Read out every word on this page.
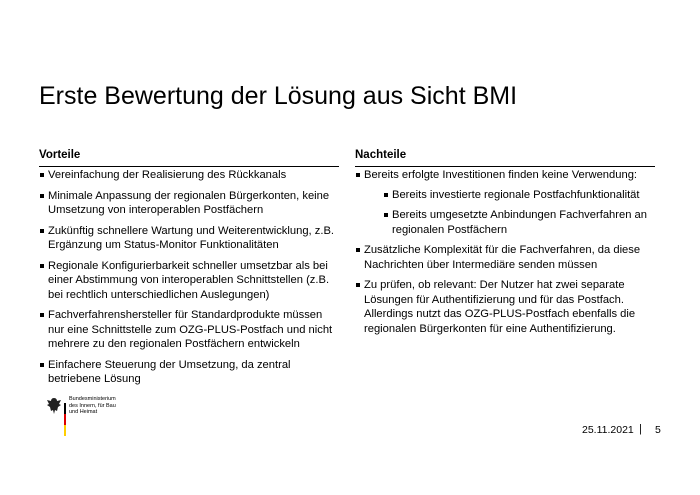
Erste Bewertung der Lösung aus Sicht BMI
Vorteile
Vereinfachung der Realisierung des Rückkanals
Minimale Anpassung der regionalen Bürgerkonten, keine Umsetzung von interoperablen Postfächern
Zukünftig schnellere Wartung und Weiterentwicklung, z.B. Ergänzung um Status-Monitor Funktionalitäten
Regionale Konfigurierbarkeit schneller umsetzbar als bei einer Abstimmung von interoperablen Schnittstellen (z.B. bei rechtlich unterschiedlichen Auslegungen)
Fachverfahrenshersteller für Standardprodukte müssen nur eine Schnittstelle zum OZG-PLUS-Postfach und nicht mehrere zu den regionalen Postfächern entwickeln
Einfachere Steuerung der Umsetzung, da zentral betriebene Lösung
Nachteile
Bereits erfolgte Investitionen finden keine Verwendung:
Bereits investierte regionale Postfachfunktionalität
Bereits umgesetzte Anbindungen Fachverfahren an regionalen Postfächern
Zusätzliche Komplexität für die Fachverfahren, da diese Nachrichten über Intermediäre senden müssen
Zu prüfen, ob relevant: Der Nutzer hat zwei separate Lösungen für Authentifizierung und für das Postfach. Allerdings nutzt das OZG-PLUS-Postfach ebenfalls die regionalen Bürgerkonten für eine Authentifizierung.
Bundesministerium
des Innern, für Bau
und Heimat
25.11.2021 | 5
